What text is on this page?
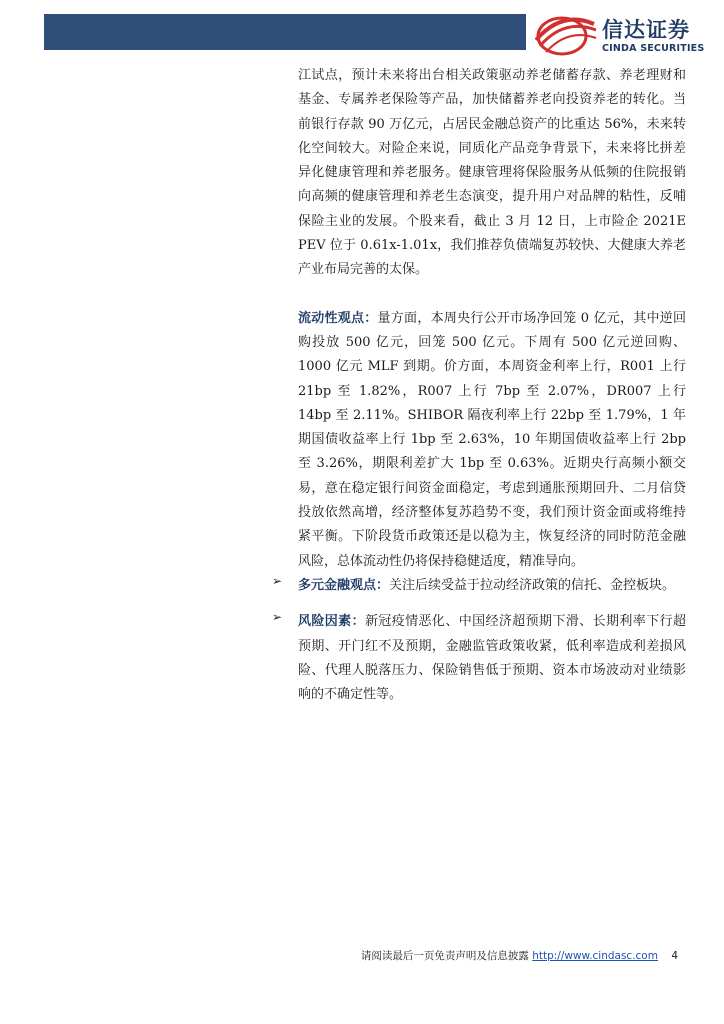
信达证券
CINDA SECURITIES

江试点，预计未来将出台相关政策驱动养老储蓄存款、养老理财和基金、专属养老保险等产品，加快储蓄养老向投资养老的转化。当前银行存款 90 万亿元，占居民金融总资产的比重达 56%，未来转化空间较大。对险企来说，同质化产品竞争背景下，未来将比拼差异化健康管理和养老服务。健康管理将保险服务从低频的住院报销向高频的健康管理和养老生态演变，提升用户对品牌的粘性，反哺保险主业的发展。个股来看，截止 3 月 12 日，上市险企 2021E PEV 位于 0.61x-1.01x，我们推荐负债端复苏较快、大健康大养老产业布局完善的太保。

流动性观点：量方面，本周央行公开市场净回笼 0 亿元，其中逆回购投放 500 亿元，回笼 500 亿元。下周有 500 亿元逆回购、1000 亿元 MLF 到期。价方面，本周资金利率上行，R001 上行 21bp 至 1.82%，R007 上行 7bp 至 2.07%，DR007 上行 14bp 至 2.11%。SHIBOR 隔夜利率上行 22bp 至 1.79%，1 年期国债收益率上行 1bp 至 2.63%，10 年期国债收益率上行 2bp 至 3.26%，期限利差扩大 1bp 至 0.63%。近期央行高频小额交易，意在稳定银行间资金面稳定，考虑到通胀预期回升、二月信贷投放依然高增，经济整体复苏趋势不变，我们预计资金面或将维持紧平衡。下阶段货币政策还是以稳为主，恢复经济的同时防范金融风险，总体流动性仍将保持稳健适度，精准导向。

➢ 多元金融观点：关注后续受益于拉动经济政策的信托、金控板块。

➢ 风险因素：新冠疫情恶化、中国经济超预期下滑、长期利率下行超预期、开门红不及预期，金融监管政策收紧，低利率造成利差损风险、代理人脱落压力、保险销售低于预期、资本市场波动对业绩影响的不确定性等。

请阅读最后一页免责声明及信息披露 http://www.cindasc.com 4
